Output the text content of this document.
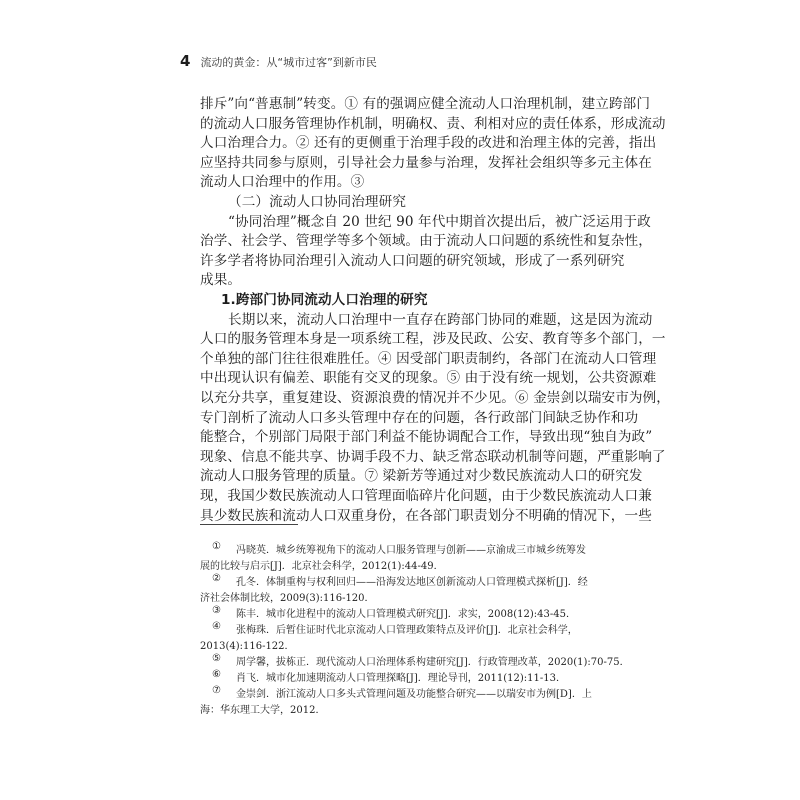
4 流动的黄金：从“城市过客”到新市民
排斥”向“普惠制”转变。① 有的强调应健全流动人口治理机制，建立跨部门
的流动人口服务管理协作机制，明确权、责、利相对应的责任体系，形成流动
人口治理合力。② 还有的更侧重于治理手段的改进和治理主体的完善，指出
应坚持共同参与原则，引导社会力量参与治理，发挥社会组织等多元主体在
流动人口治理中的作用。③
（二）流动人口协同治理研究
“协同治理”概念自 20 世纪 90 年代中期首次提出后，被广泛运用于政
治学、社会学、管理学等多个领域。由于流动人口问题的系统性和复杂性，
许多学者将协同治理引入流动人口问题的研究领域，形成了一系列研究
成果。
1.跨部门协同流动人口治理的研究
长期以来，流动人口治理中一直存在跨部门协同的难题，这是因为流动
人口的服务管理本身是一项系统工程，涉及民政、公安、教育等多个部门，一
个单独的部门往往很难胜任。④ 因受部门职责制约，各部门在流动人口管理
中出现认识有偏差、职能有交叉的现象。⑤ 由于没有统一规划，公共资源难
以充分共享，重复建设、资源浪费的情况并不少见。⑥ 金崇剑以瑞安市为例，
专门剖析了流动人口多头管理中存在的问题，各行政部门间缺乏协作和功
能整合，个别部门局限于部门利益不能协调配合工作，导致出现“独自为政”
现象、信息不能共享、协调手段不力、缺乏常态联动机制等问题，严重影响了
流动人口服务管理的质量。⑦ 梁新芳等通过对少数民族流动人口的研究发
现，我国少数民族流动人口管理面临碎片化问题，由于少数民族流动人口兼
具少数民族和流动人口双重身份，在各部门职责划分不明确的情况下，一些
① 冯晓英．城乡统筹视角下的流动人口服务管理与创新——京渝成三市城乡统筹发
展的比较与启示[J]．北京社会科学，2012(1):44-49．
② 孔冬．体制重构与权利回归——沿海发达地区创新流动人口管理模式探析[J]．经
济社会体制比较，2009(3):116-120．
③ 陈丰．城市化进程中的流动人口管理模式研究[J]．求实，2008(12):43-45．
④ 张梅珠．后暂住证时代北京流动人口管理政策特点及评价[J]．北京社会科学，
2013(4):116-122．
⑤ 周学馨，拔栋正．现代流动人口治理体系构建研究[J]．行政管理改革，2020(1):70-75．
⑥ 肖飞．城市化加速期流动人口管理探略[J]．理论导刊，2011(12):11-13．
⑦ 金崇剑．浙江流动人口多头式管理问题及功能整合研究——以瑞安市为例[D]．上
海：华东理工大学，2012．
